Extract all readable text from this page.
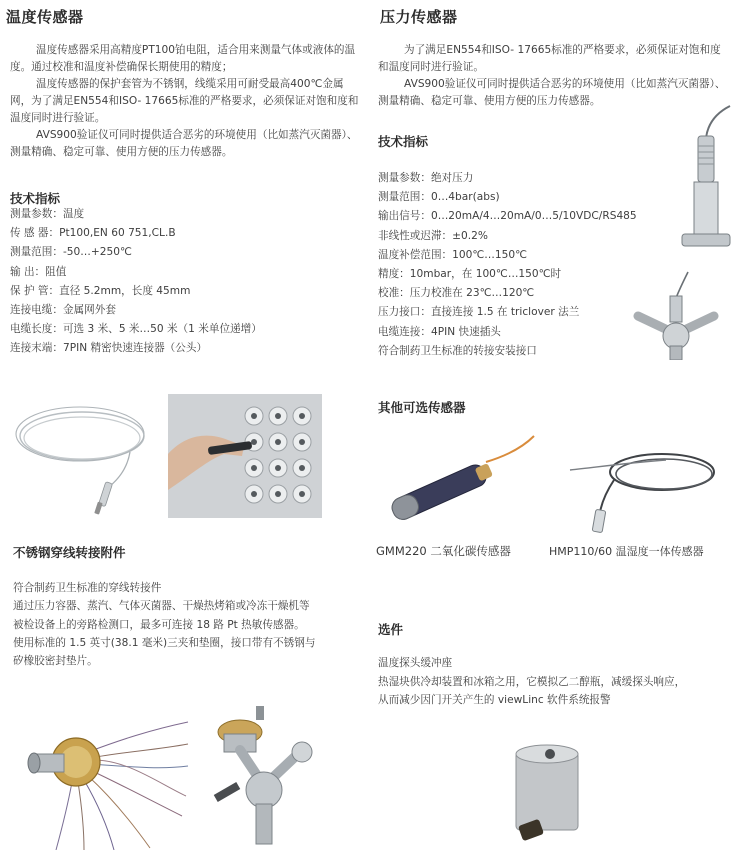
温度传感器

温度传感器采用高精度PT100铂电阻，适合用来测量气体或液体的温度。通过校准和温度补偿确保长期使用的精度；

温度传感器的保护套管为不锈钢，线缆采用可耐受最高400℃金属网，为了满足EN554和ISO- 17665标准的严格要求，必须保证对饱和度和温度同时进行验证。

AVS900验证仪可同时提供适合恶劣的环境使用（比如蒸汽灭菌器）、测量精确、稳定可靠、使用方便的压力传感器。

技术指标
测量参数：温度
传 感 器：Pt100,EN 60 751,CL.B
测量范围：-50…+250℃
输 出：阻值
保 护 管：直径 5.2mm，长度 45mm
连接电缆：金属网外套
电缆长度：可选 3 米、5 米…50 米（1 米单位递增）
连接末端：7PIN 精密快速连接器（公头）
不锈钢穿线转接附件
符合制药卫生标准的穿线转接件
通过压力容器、蒸汽、气体灭菌器、干燥热烤箱或冷冻干燥机等
被检设备上的旁路检测口，最多可连接 18 路 Pt 热敏传感器。
使用标准的 1.5 英寸(38.1 毫米)三夹和垫圈，接口带有不锈钢与
矽橡胶密封垫片。
压力传感器

为了满足EN554和ISO- 17665标准的严格要求，必须保证对饱和度和温度同时进行验证。

AVS900验证仪可同时提供适合恶劣的环境使用（比如蒸汽灭菌器）、测量精确、稳定可靠、使用方便的压力传感器。

技术指标
测量参数：绝对压力
测量范围：0…4bar(abs)
输出信号：0…20mA/4…20mA/0…5/10VDC/RS485
非线性或迟滞：±0.2%
温度补偿范围：100℃…150℃
精度：10mbar，在 100℃…150℃时
校准：压力校准在 23℃…120℃
压力接口：直接连接 1.5 在 triclover 法兰
电缆连接：4PIN 快速插头
符合制药卫生标准的转接安装接口
其他可选传感器
GMM220 二氧化碳传感器	HMP110/60 温湿度一体传感器
选件
温度探头缓冲座
热湿块供冷却装置和冰箱之用，它模拟乙二醇瓶，减缓探头响应，
从而减少因门开关产生的 viewLinc 软件系统报警
